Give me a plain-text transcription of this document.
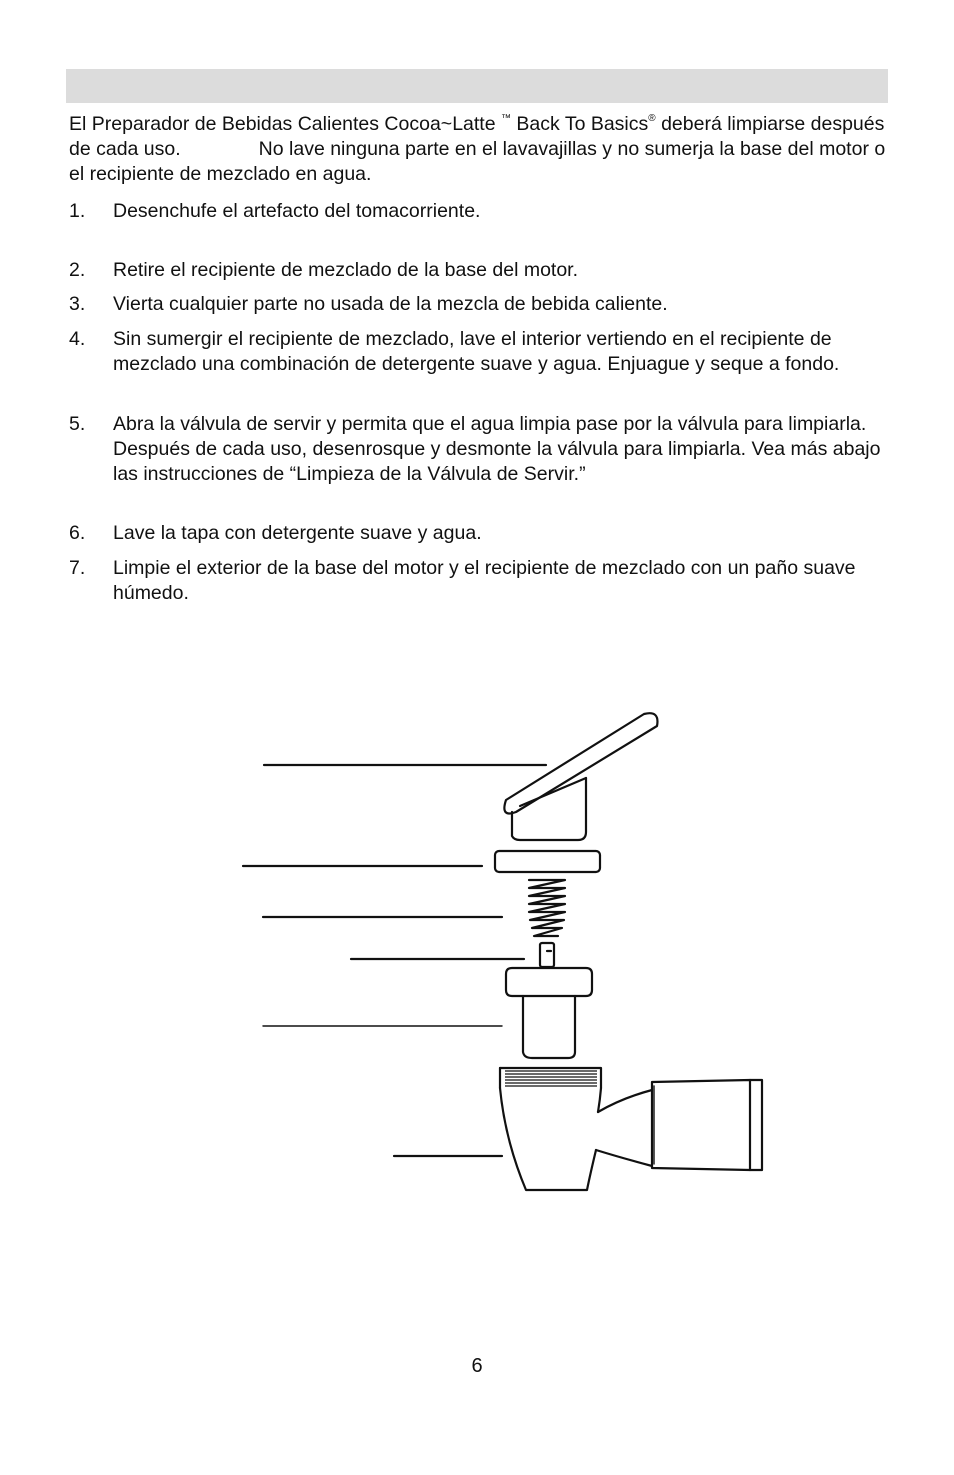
El Preparador de Bebidas Calientes Cocoa~Latte ™ Back To Basics® deberá limpiarse después de cada uso.	No lave ninguna parte en el lavavajillas y no sumerja la base del motor o el recipiente de mezclado en agua.
1. Desenchufe el artefacto del tomacorriente.
2. Retire el recipiente de mezclado de la base del motor.
3. Vierta cualquier parte no usada de la mezcla de bebida caliente.
4. Sin sumergir el recipiente de mezclado, lave el interior vertiendo en el recipiente de mezclado una combinación de detergente suave y agua. Enjuague y seque a fondo.
5. Abra la válvula de servir y permita que el agua limpia pase por la válvula para limpiarla. Después de cada uso, desenrosque y desmonte la válvula para limpiarla. Vea más abajo las instrucciones de “Limpieza de la Válvula de Servir.”
6. Lave la tapa con detergente suave y agua.
7. Limpie el exterior de la base del motor y el recipiente de mezclado con un paño suave húmedo.
6
